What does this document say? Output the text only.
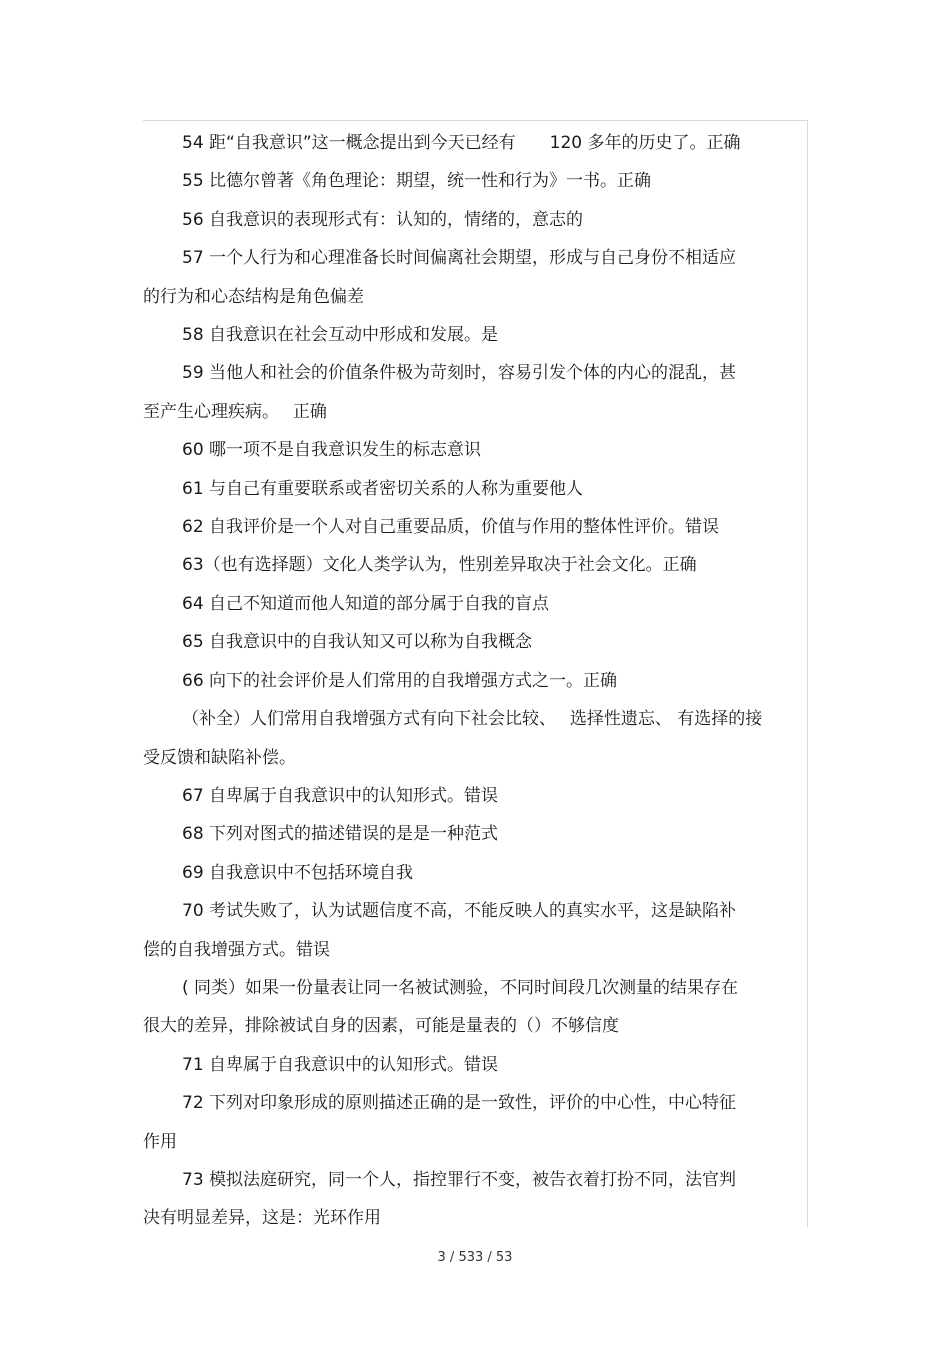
54 距“自我意识”这一概念提出到今天已经有　　120 多年的历史了。正确

55 比德尔曾著《角色理论：期望，统一性和行为》一书。正确

56 自我意识的表现形式有：认知的，情绪的，意志的

57 一个人行为和心理准备长时间偏离社会期望，形成与自己身份不相适应
的行为和心态结构是角色偏差

58 自我意识在社会互动中形成和发展。是

59 当他人和社会的价值条件极为苛刻时，容易引发个体的内心的混乱，甚
至产生心理疾病。　 正确

60 哪一项不是自我意识发生的标志意识

61 与自己有重要联系或者密切关系的人称为重要他人

62 自我评价是一个人对自己重要品质，价值与作用的整体性评价。错误

63（也有选择题）文化人类学认为，性别差异取决于社会文化。正确

64 自己不知道而他人知道的部分属于自我的盲点

65 自我意识中的自我认知又可以称为自我概念

66 向下的社会评价是人们常用的自我增强方式之一。正确

（补全）人们常用自我增强方式有向下社会比较、　 选择性遗忘、 有选择的接
受反馈和缺陷补偿。

67 自卑属于自我意识中的认知形式。错误

68 下列对图式的描述错误的是是一种范式

69 自我意识中不包括环境自我

70 考试失败了，认为试题信度不高，不能反映人的真实水平，这是缺陷补
偿的自我增强方式。错误

( 同类）如果一份量表让同一名被试测验，不同时间段几次测量的结果存在
很大的差异，排除被试自身的因素，可能是量表的（）不够信度

71 自卑属于自我意识中的认知形式。错误

72 下列对印象形成的原则描述正确的是一致性，评价的中心性，中心特征
作用

73 模拟法庭研究，同一个人，指控罪行不变，被告衣着打扮不同，法官判
决有明显差异，这是：光环作用

3 / 533 / 53
